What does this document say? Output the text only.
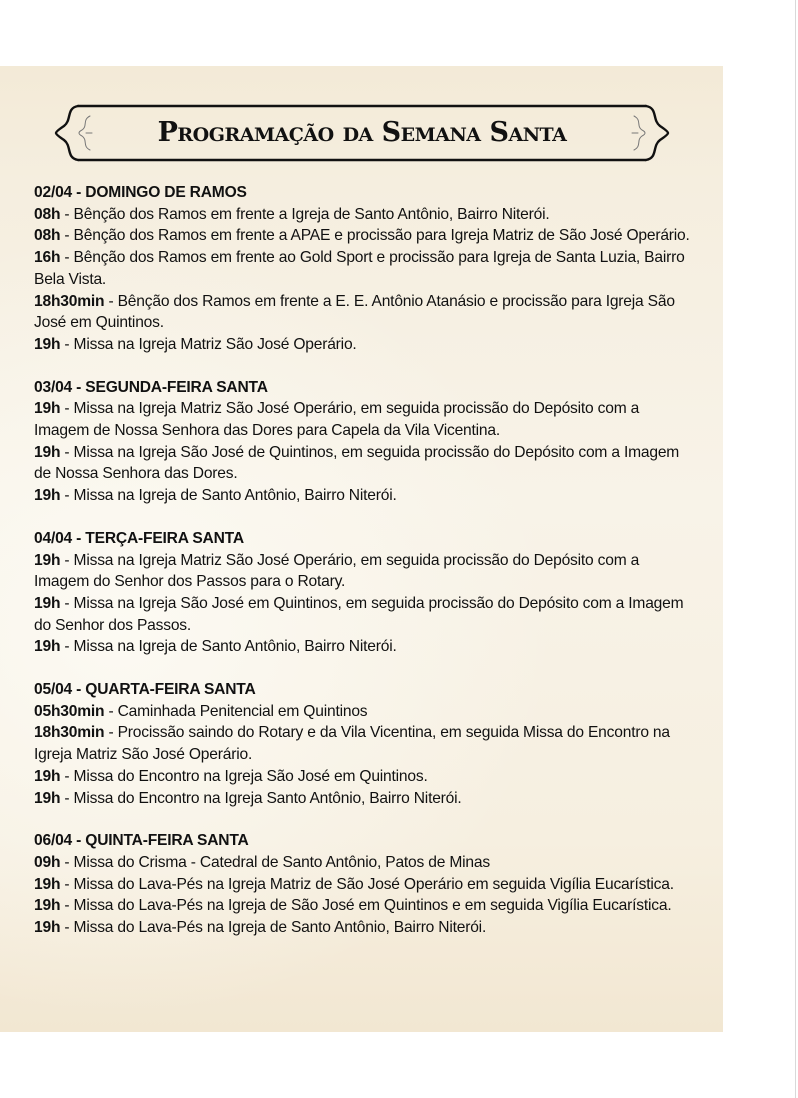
Programação da Semana Santa
02/04 - DOMINGO DE RAMOS

08h - Bênção dos Ramos em frente a Igreja de Santo Antônio, Bairro Niterói.

08h - Bênção dos Ramos em frente a APAE e procissão para Igreja Matriz de São José Operário.

16h - Bênção dos Ramos em frente ao Gold Sport e procissão para Igreja de Santa Luzia, Bairro Bela Vista.

18h30min - Bênção dos Ramos em frente a E. E. Antônio Atanásio e procissão para Igreja São José em Quintinos.

19h - Missa na Igreja Matriz São José Operário.

03/04 - SEGUNDA-FEIRA SANTA

19h - Missa na Igreja Matriz São José Operário, em seguida procissão do Depósito com a Imagem de Nossa Senhora das Dores para Capela da Vila Vicentina.

19h - Missa na Igreja São José de Quintinos, em seguida procissão do Depósito com a Imagem de Nossa Senhora das Dores.

19h - Missa na Igreja de Santo Antônio, Bairro Niterói.

04/04 - TERÇA-FEIRA SANTA

19h - Missa na Igreja Matriz São José Operário, em seguida procissão do Depósito com a Imagem do Senhor dos Passos para o Rotary.

19h - Missa na Igreja São José em Quintinos, em seguida procissão do Depósito com a Imagem do Senhor dos Passos.

19h - Missa na Igreja de Santo Antônio, Bairro Niterói.

05/04 - QUARTA-FEIRA SANTA

05h30min - Caminhada Penitencial em Quintinos

18h30min - Procissão saindo do Rotary e da Vila Vicentina, em seguida Missa do Encontro na Igreja Matriz São José Operário.

19h - Missa do Encontro na Igreja São José em Quintinos.

19h - Missa do Encontro na Igreja Santo Antônio, Bairro Niterói.

06/04 - QUINTA-FEIRA SANTA

09h - Missa do Crisma - Catedral de Santo Antônio, Patos de Minas

19h - Missa do Lava-Pés na Igreja Matriz de São José Operário em seguida Vigília Eucarística.

19h - Missa do Lava-Pés na Igreja de São José em Quintinos e em seguida Vigília Eucarística.

19h - Missa do Lava-Pés na Igreja de Santo Antônio, Bairro Niterói.
